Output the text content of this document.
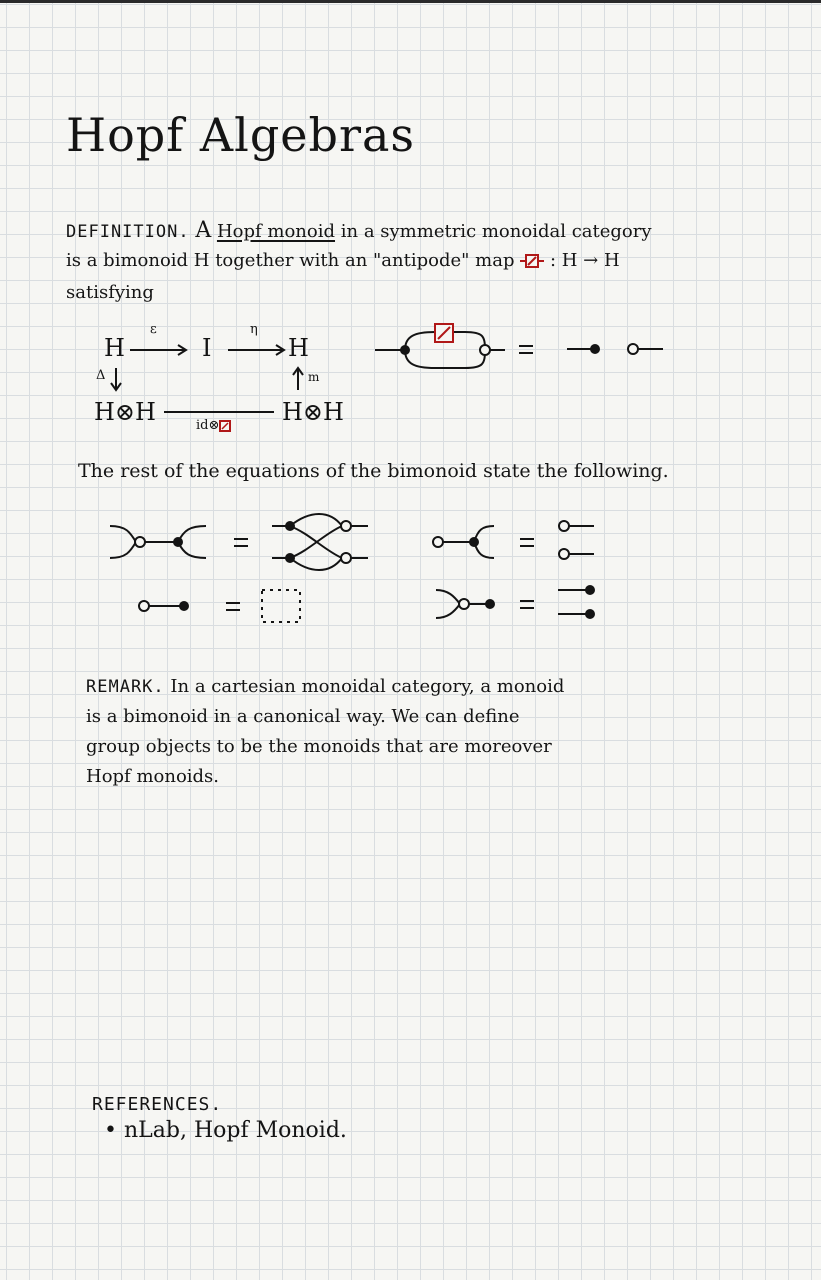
Hopf Algebras
DEFINITION. A Hopf monoid in a symmetric monoidal category
is a bimonoid H together with an "antipode" map : H → H
satisfying
H
ε
I
η
H
Δ	m
H⊗H	H⊗H
id⊗
The rest of the equations of the bimonoid state the following.
REMARK. In a cartesian monoidal category, a monoid
is a bimonoid in a canonical way. We can define
group objects to be the monoids that are moreover
Hopf monoids.
REFERENCES.
• nLab, Hopf Monoid.
